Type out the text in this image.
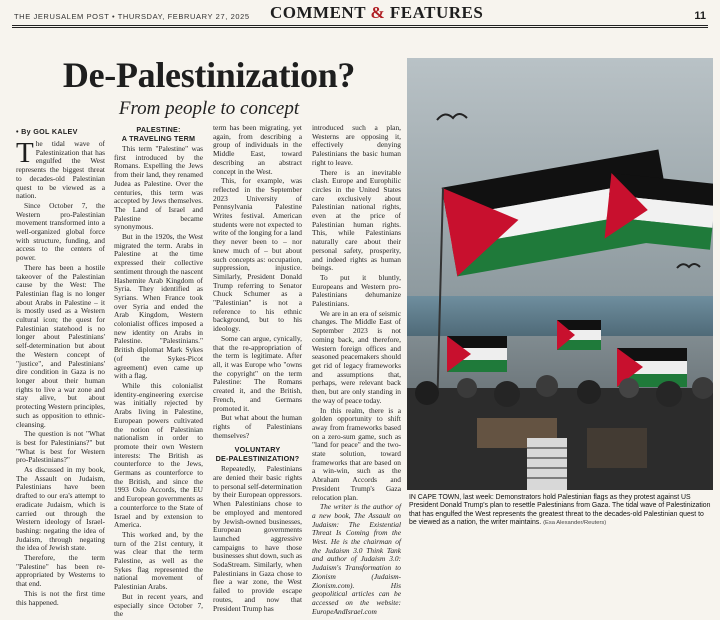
THE JERUSALEM POST • THURSDAY, FEBRUARY 27, 2025 COMMENT & FEATURES	11
De-Palestinization?
From people to concept
• By GOL KALEV

The tidal wave of Palestinization that has engulfed the West represents the biggest threat to decades-old Palestinian quest to be viewed as a nation.

Since October 7, the Western pro-Palestinian movement transformed into a well-organized global force with structure, funding, and access to the centers of power.

There has been a hostile takeover of the Palestinian cause by the West: The Palestinian flag is no longer about Arabs in Palestine – it is mostly used as a Western cultural icon; the quest for Palestinian statehood is no longer about Palestinians' self-determination but about the Western concept of "justice", and Palestinians' dire condition in Gaza is no longer about their human rights to live a war zone and stay alive, but about protecting Western principles, such as opposition to ethnic-cleansing.

The question is not "What is best for Palestinians?" but "What is best for Western pro-Palestinians?"

As discussed in my book, The Assault on Judaism, Palestinians have been drafted to our era's attempt to eradicate Judaism, which is carried out through the Western ideology of Israel-bashing: negating the idea of Judaism, through negating the idea of Jewish state.

Therefore, the term "Palestine" has been re-appropriated by Westerns to that end.

This is not the first time this happened.

PALESTINE:
A TRAVELING TERM

This term "Palestine" was first introduced by the Romans. Expelling the Jews from their land, they renamed Judea as Palestine. Over the centuries, this term was accepted by Jews themselves. The Land of Israel and Palestine became synonymous.

But in the 1920s, the West migrated the term. Arabs in Palestine at the time expressed their collective sentiment through the nascent Hashemite Arab Kingdom of Syria. They identified as Syrians. When France took over Syria and ended the Arab Kingdom, Western colonialist offices imposed a new identity on Arabs in Palestine. "Palestinians." British diplomat Mark Sykes (of the Sykes-Picot agreement) even came up with a flag.

While this colonialist identity-engineering exercise was initially rejected by Arabs living in Palestine, European powers cultivated the notion of Palestinian nationalism in order to promote their own Western interests: The British as counterforce to the Jews, Germans as counterforce to the British, and since the 1993 Oslo Accords, the EU and European governments as a counterforce to the State of Israel and by extension to America.

This worked and, by the turn of the 21st century, it was clear that the term Palestine, as well as the Sykes flag represented the national movement of Palestinian Arabs.

But in recent years, and especially since October 7, the

term has been migrating, yet again, from describing a group of individuals in the Middle East, toward describing an abstract concept in the West.

This, for example, was reflected in the September 2023 University of Pennsylvania Palestine Writes festival. American students were not expected to write of the longing for a land they never been to – nor knew much of – but about such concepts as: occupation, suppression, injustice. Similarly, President Donald Trump referring to Senator Chuck Schumer as a "Palestinian" is not a reference to his ethnic background, but to his ideology.

Some can argue, cynically, that the re-appropriation of the term is legitimate. After all, it was Europe who "owns the copyright" on the term Palestine: The Romans created it, and the British, French, and Germans promoted it.

But what about the human rights of Palestinians themselves?

VOLUNTARY
DE-PALESTINIZATION?

Repeatedly, Palestinians are denied their basic rights to personal self-determination by their European oppressors. When Palestinians chose to be employed and mentored by Jewish-owned businesses, European governments launched aggressive campaigns to have those businesses shut down, such as SodaStream. Similarly, when Palestinians in Gaza chose to flee a war zone, the West failed to provide escape routes, and now that President Trump has

introduced such a plan, Westerns are opposing it, effectively denying Palestinians the basic human right to leave.

There is an inevitable clash. Europe and Europhilic circles in the United States care exclusively about Palestinian national rights, even at the price of Palestinian human rights. This, while Palestinians naturally care about their personal safety, prosperity, and indeed rights as human beings.

To put it bluntly, Europeans and Western pro-Palestinians dehumanize Palestinians.

We are in an era of seismic changes. The Middle East of September 2023 is not coming back, and therefore, Western foreign offices and seasoned peacemakers should get rid of legacy frameworks and assumptions that, perhaps, were relevant back then, but are only standing in the way of peace today.

In this realm, there is a golden opportunity to shift away from frameworks based on a zero-sum game, such as "land for peace" and the two-state solution, toward frameworks that are based on a win-win, such as the Abraham Accords and President Trump's Gaza relocation plan.

The writer is the author of a new book, The Assault on Judaism: The Existential Threat Is Coming from the West. He is the chairman of the Judaism 3.0 Think Tank and author of Judaism 3.0: Judaism's Transformation to Zionism (Judaism-Zionism.com). His geopolitical articles can be accessed on the website: EuropeAndIsrael.com

IN CAPE TOWN, last week: Demonstrators hold Palestinian flags as they protest against US President Donald Trump's plan to resettle Palestinians from Gaza. The tidal wave of Palestinization that has engulfed the West represents the greatest threat to the decades-old Palestinian quest to be viewed as a nation, the writer maintains. (Esa Alexander/Reuters)
